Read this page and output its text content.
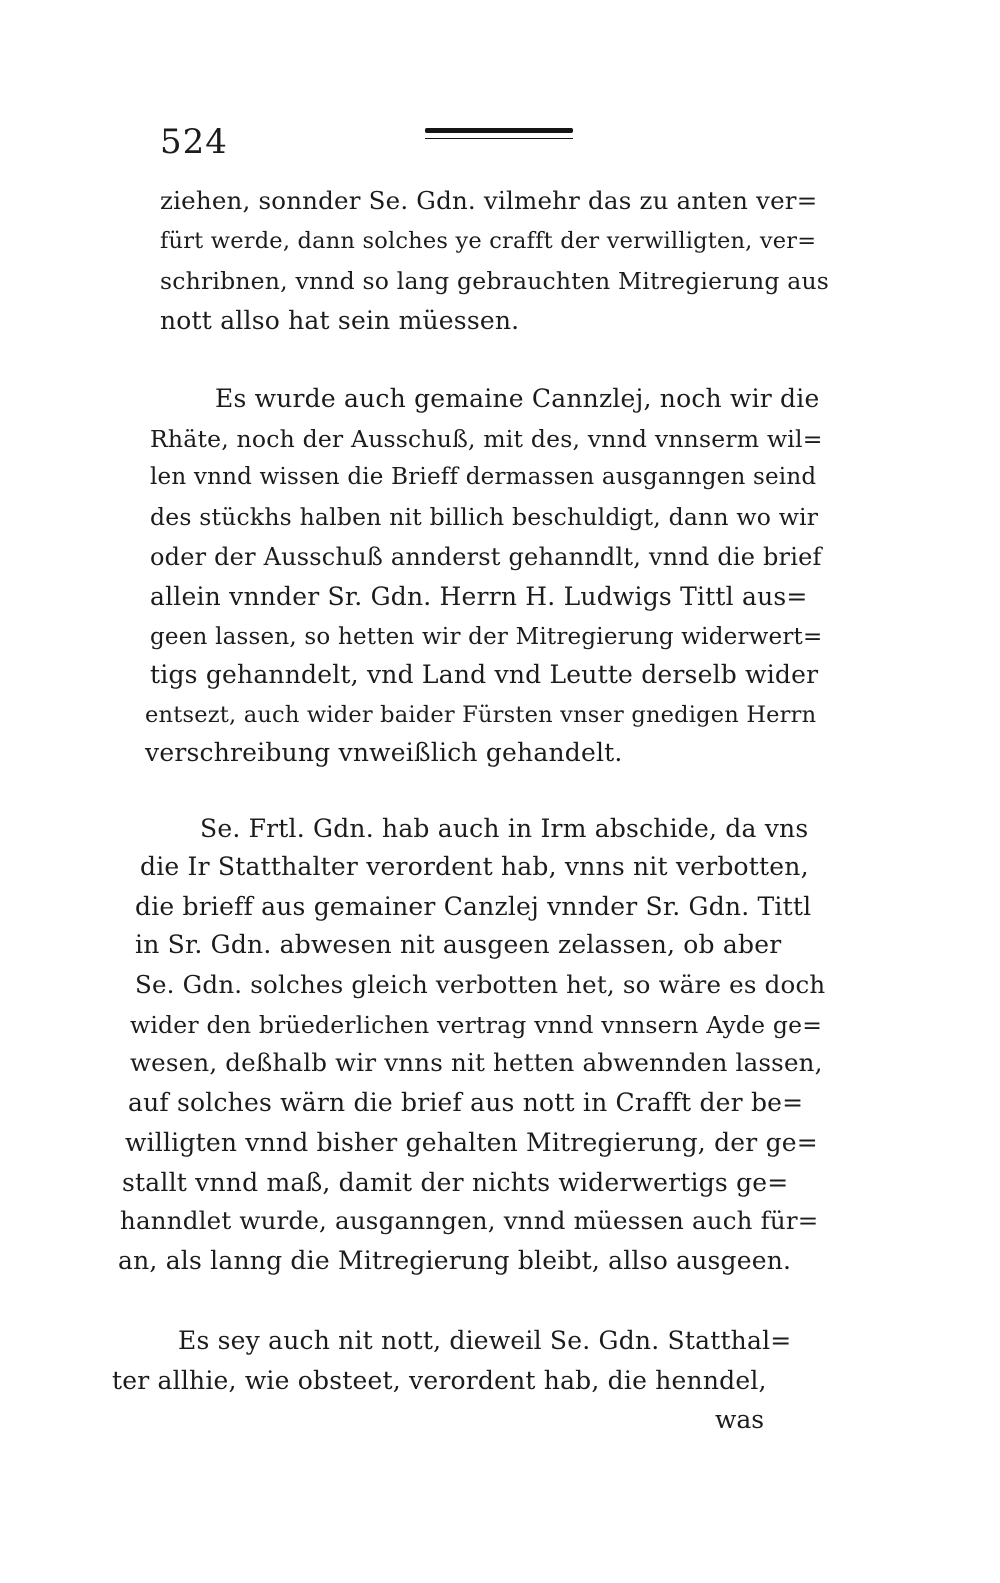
524
ziehen, sonnder Se. Gdn. vilmehr das zu anten ver=
fürt werde, dann solches ye crafft der verwilligten, ver=
schribnen, vnnd so lang gebrauchten Mitregierung aus
nott allso hat sein müessen.
Es wurde auch gemaine Cannzlej, noch wir die
Rhäte, noch der Ausschuß, mit des, vnnd vnnserm wil=
len vnnd wissen die Brieff dermassen ausganngen seind
des stückhs halben nit billich beschuldigt, dann wo wir
oder der Ausschuß annderst gehanndlt, vnnd die brief
allein vnnder Sr. Gdn. Herrn H. Ludwigs Tittl aus=
geen lassen, so hetten wir der Mitregierung widerwert=
tigs gehanndelt, vnd Land vnd Leutte derselb wider
entsezt, auch wider baider Fürsten vnser gnedigen Herrn
verschreibung vnweißlich gehandelt.
Se. Frtl. Gdn. hab auch in Irm abschide, da vns
die Ir Statthalter verordent hab, vnns nit verbotten,
die brieff aus gemainer Canzlej vnnder Sr. Gdn. Tittl
in Sr. Gdn. abwesen nit ausgeen zelassen, ob aber
Se. Gdn. solches gleich verbotten het, so wäre es doch
wider den brüederlichen vertrag vnnd vnnsern Ayde ge=
wesen, deßhalb wir vnns nit hetten abwennden lassen,
auf solches wärn die brief aus nott in Crafft der be=
willigten vnnd bisher gehalten Mitregierung, der ge=
stallt vnnd maß, damit der nichts widerwertigs ge=
hanndlet wurde, ausganngen, vnnd müessen auch für=
an, als lanng die Mitregierung bleibt, allso ausgeen.
Es sey auch nit nott, dieweil Se. Gdn. Statthal=
ter allhie, wie obsteet, verordent hab, die henndel,
was
